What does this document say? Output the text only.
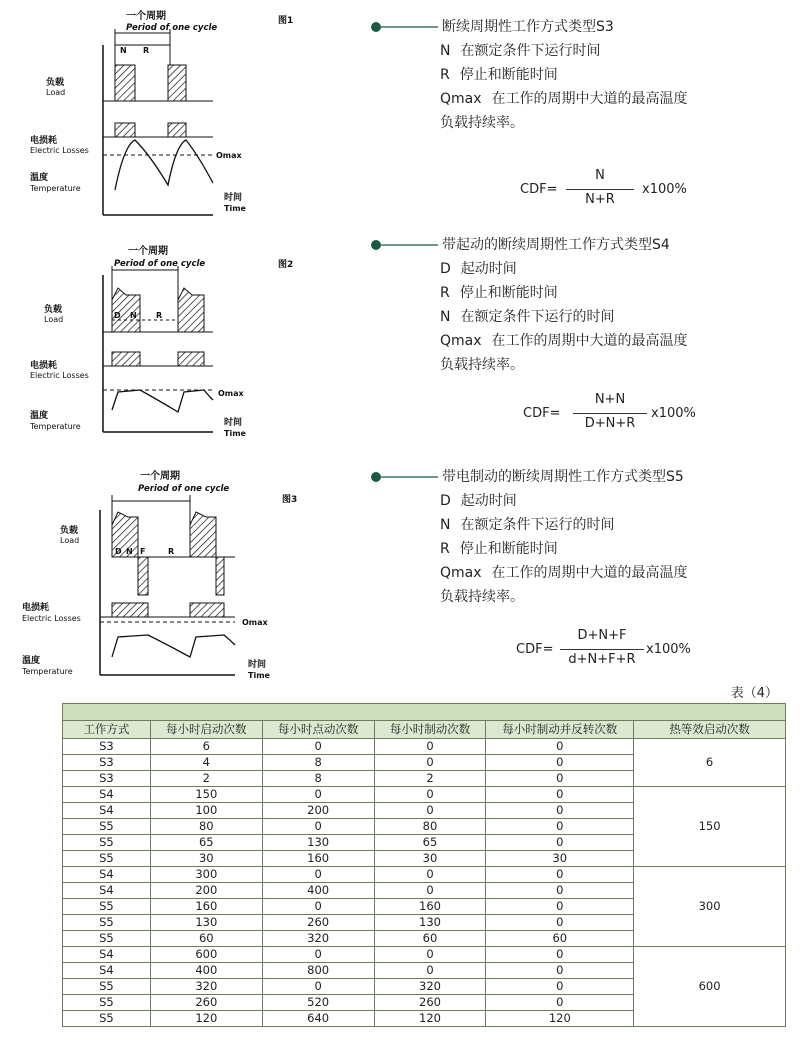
一个周期
Period of one cycle
图1
N R
负载
Load
电损耗
Electric Losses
Omax
温度
Temperature
时间
Time
一个周期
Period of one cycle	图2
负载
Load	D N R
电损耗
Electric Losses
Omax
温度
Temperature	时间
Time
一个周期
Period of one cycle
图3
负载
Load
D N F	R
电损耗
Electric Losses	Omax
温度
Temperature
时间
Time
断续周期性工作方式类型S3
N 在额定条件下运行时间
R 停止和断能时间
Qmax 在工作的周期中大道的最高温度
负载持续率。
CDF=
N
N+R
x100%
带起动的断续周期性工作方式类型S4
D 起动时间
R 停止和断能时间
N 在额定条件下运行的时间
Qmax 在工作的周期中大道的最高温度
负载持续率。
CDF=
N+N
D+N+R
x100%
带电制动的断续周期性工作方式类型S5
D 起动时间
N 在额定条件下运行的时间
R 停止和断能时间
Qmax 在工作的周期中大道的最高温度
负载持续率。
CDF=
D+N+F
d+N+F+R
x100%
表（4）

工作方式	每小时启动次数	每小时点动次数	每小时制动次数	每小时制动并反转次数	热等效启动次数
S3	6	0	0	0	6
S3	4	8	0	0	
S3	2	8	2	0	
S4	150	0	0	0	150
S4	100	200	0	0	
S5	80	0	80	0	
S5	65	130	65	0	
S5	30	160	30	30	
S4	300	0	0	0	300
S4	200	400	0	0	
S5	160	0	160	0	
S5	130	260	130	0	
S5	60	320	60	60	
S4	600	0	0	0	600
S4	400	800	0	0	
S5	320	0	320	0	
S5	260	520	260	0	
S5	120	640	120	120	
